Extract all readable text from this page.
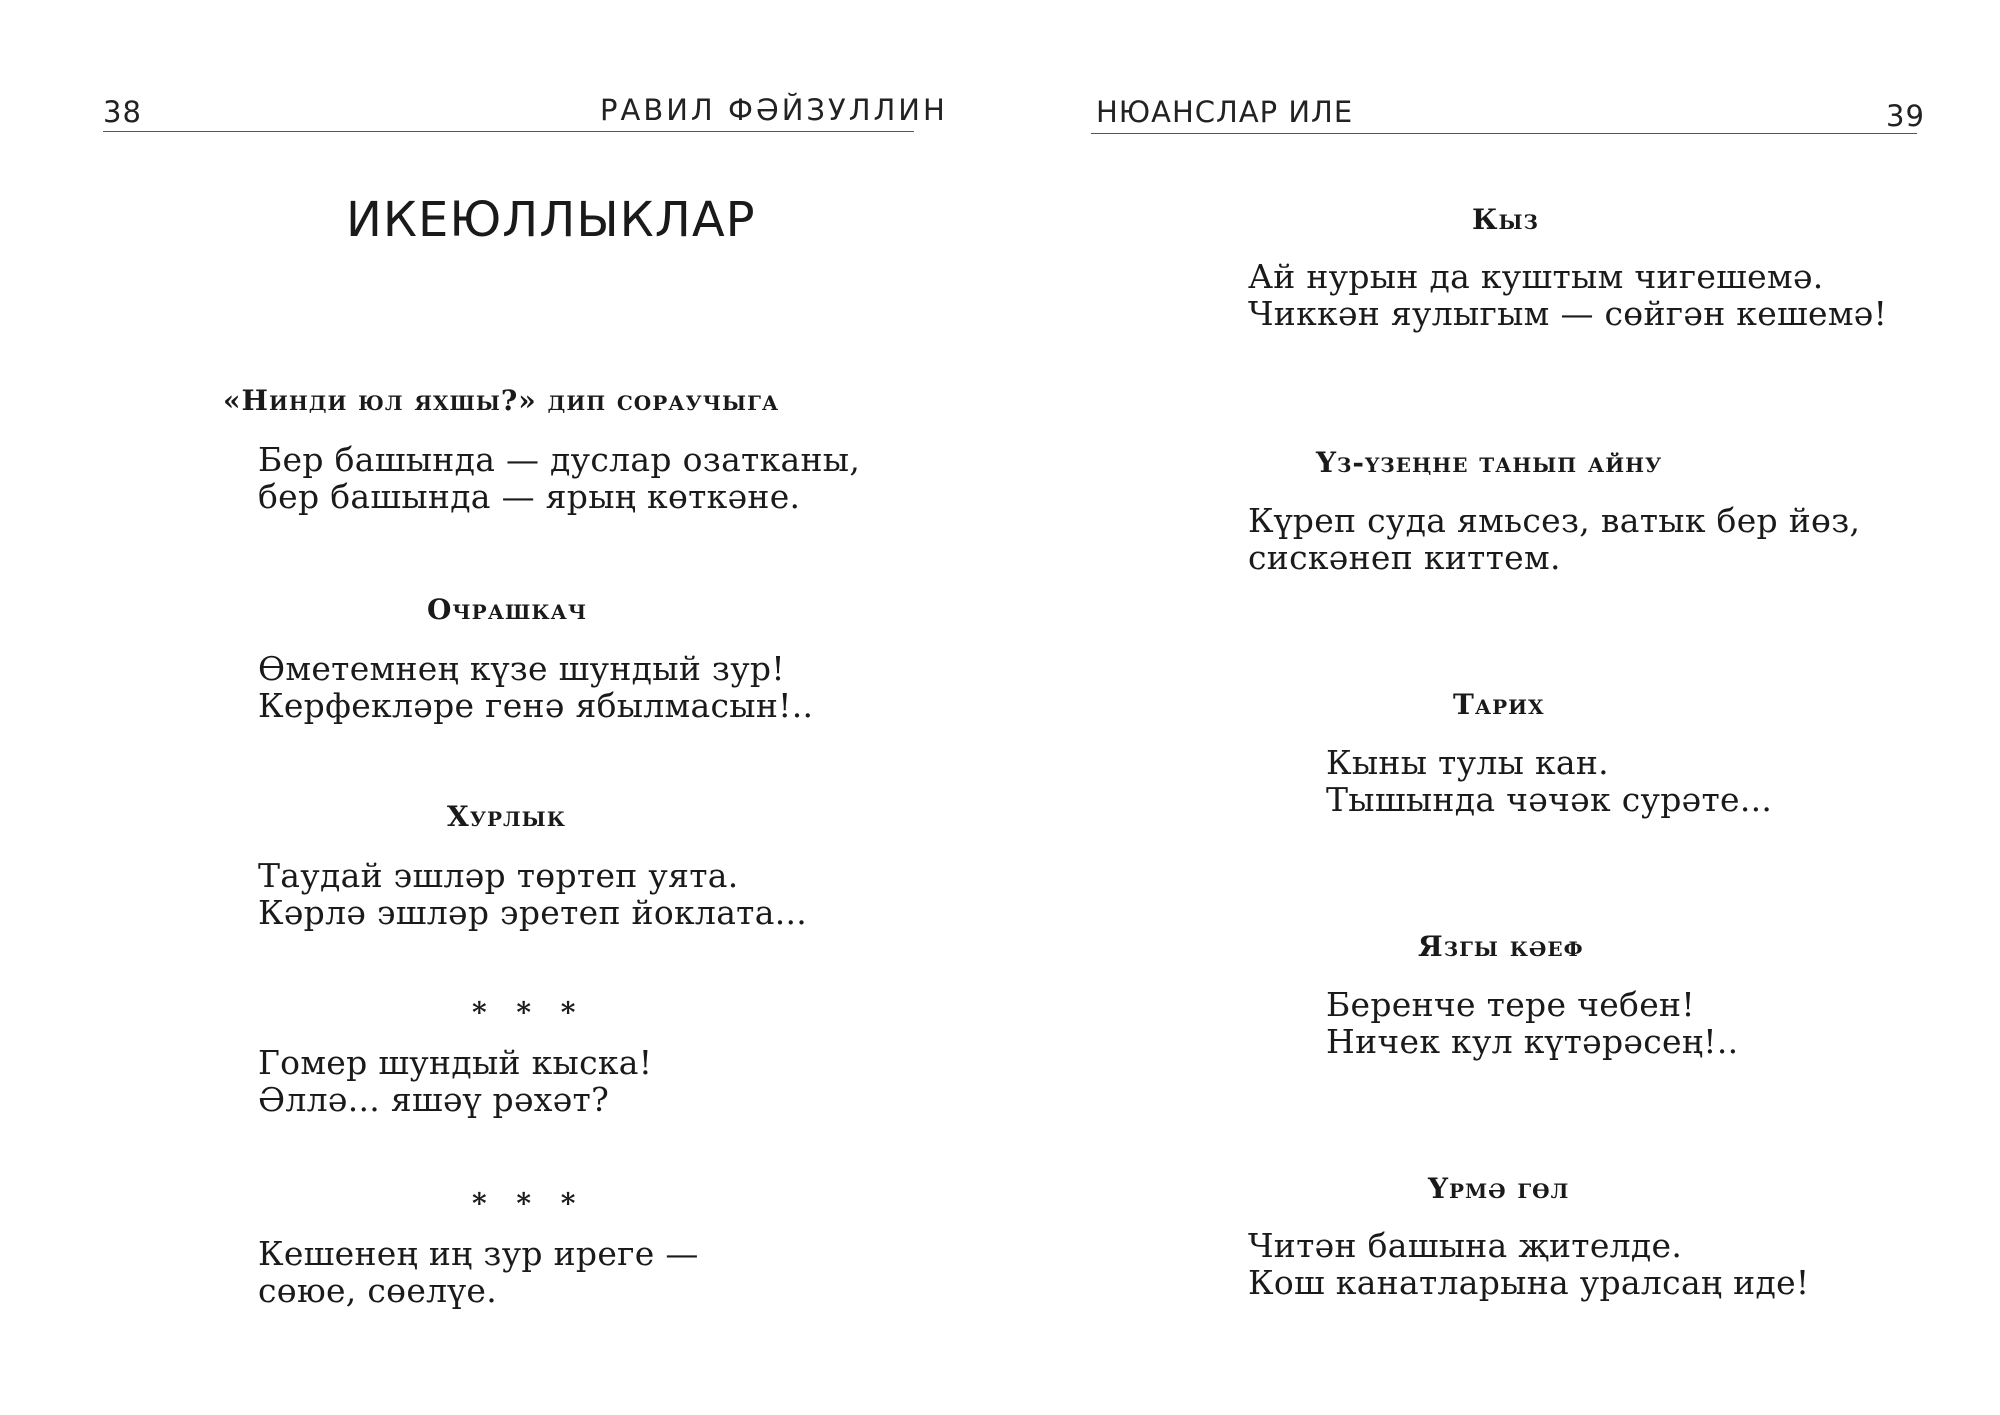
38	РАВИЛ ФӘЙЗУЛЛИН
ИКЕЮЛЛЫКЛАР
«Нинди юл яхшы?» дип сораучыга
Бер башында — дуслар озатканы,
бер башында — ярың көткәне.
Очрашкач
Өметемнең күзе шундый зур!
Керфекләре генә ябылмасын!..
Хурлык
Таудай эшләр төртеп уята.
Кәрлә эшләр эретеп йоклата...
* * *
Гомер шундый кыска!
Әллә... яшәү рәхәт?
* * *
Кешенең иң зур иреге —
сөюе, сөелүе.
НЮАНСЛАР ИЛЕ	39
Кыз
Ай нурын да куштым чигешемә.
Чиккән яулыгым — сөйгән кешемә!
Үз-үзеңне танып айну
Күреп суда ямьсез, ватык бер йөз,
сискәнеп киттем.
Тарих
Кыны тулы кан.
Тышында чәчәк сурәте...
Язгы кәеф
Беренче тере чебен!
Ничек кул күтәрәсең!..
Үрмә гөл
Читән башына җителде.
Кош канатларына уралсаң иде!
